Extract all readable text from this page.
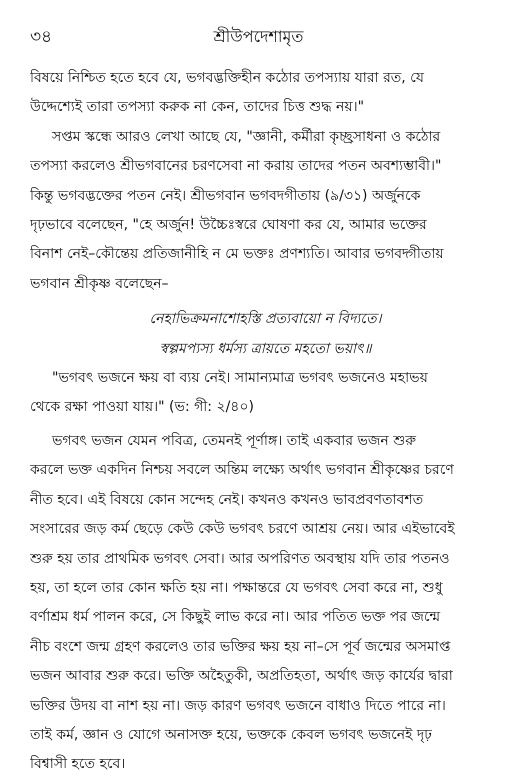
৩৪	শ্রীউপদেশামৃত
বিষয়ে নিশ্চিত হতে হবে যে, ভগবদ্ভক্তিহীন কঠোর তপস্যায় যারা রত, যে
উদ্দেশ্যেই তারা তপস্যা করুক না কেন, তাদের চিত্ত শুদ্ধ নয়।"
সপ্তম স্কন্ধে আরও লেখা আছে যে, "জ্ঞানী, কর্মীরা কৃচ্ছ্রসাধনা ও কঠোর
তপস্যা করলেও শ্রীভগবানের চরণসেবা না করায় তাদের পতন অবশ্যম্ভাবী।"
কিন্তু ভগবদ্ভক্তের পতন নেই। শ্রীভগবান ভগবদগীতায় (৯/৩১) অর্জুনকে
দৃঢ়ভাবে বলেছেন, "হে অর্জুন! উচ্চৈঃস্বরে ঘোষণা কর যে, আমার ভক্তের
বিনাশ নেই–কৌন্তেয় প্রতিজানীহি ন মে ভক্তঃ প্রণশ্যতি। আবার ভগবদ্গীতায়
ভগবান শ্রীকৃষ্ণ বলেছেন–
নেহাভিক্রমনাশোহস্তি প্রত্যবায়ো ন বিদ্যতে।
স্বল্পমপ্যস্য ধর্মস্য ত্রায়তে মহতো ভয়াৎ॥
"ভগবৎ ভজনে ক্ষয় বা ব্যয় নেই। সামান্যমাত্র ভগবৎ ভজনেও মহাভয়
থেকে রক্ষা পাওয়া যায়।" (ভ: গী: ২/৪০)
ভগবৎ ভজন যেমন পবিত্র, তেমনই পূর্ণাঙ্গ। তাই একবার ভজন শুরু
করলে ভক্ত একদিন নিশ্চয় সবলে অন্তিম লক্ষ্যে অর্থাৎ ভগবান শ্রীকৃষ্ণের চরণে
নীত হবে। এই বিষয়ে কোন সন্দেহ নেই। কখনও কখনও ভাবপ্রবণতাবশত
সংসারের জড় কর্ম ছেড়ে কেউ কেউ ভগবৎ চরণে আশ্রয় নেয়। আর এইভাবেই
শুরু হয় তার প্রাথমিক ভগবৎ সেবা। আর অপরিণত অবস্থায় যদি তার পতনও
হয়, তা হলে তার কোন ক্ষতি হয় না। পক্ষান্তরে যে ভগবৎ সেবা করে না, শুধু
বর্ণাশ্রম ধর্ম পালন করে, সে কিছুই লাভ করে না। আর পতিত ভক্ত পর জন্মে
নীচ বংশে জন্ম গ্রহণ করলেও তার ভক্তির ক্ষয় হয় না–সে পূর্ব জন্মের অসমাপ্ত
ভজন আবার শুরু করে। ভক্তি অহৈতুকী, অপ্রতিহতা, অর্থাৎ জড় কার্যের দ্বারা
ভক্তির উদয় বা নাশ হয় না। জড় কারণ ভগবৎ ভজনে বাধাও দিতে পারে না।
তাই কর্ম, জ্ঞান ও যোগে অনাসক্ত হয়ে, ভক্তকে কেবল ভগবৎ ভজনেই দৃঢ়
বিশ্বাসী হতে হবে।
